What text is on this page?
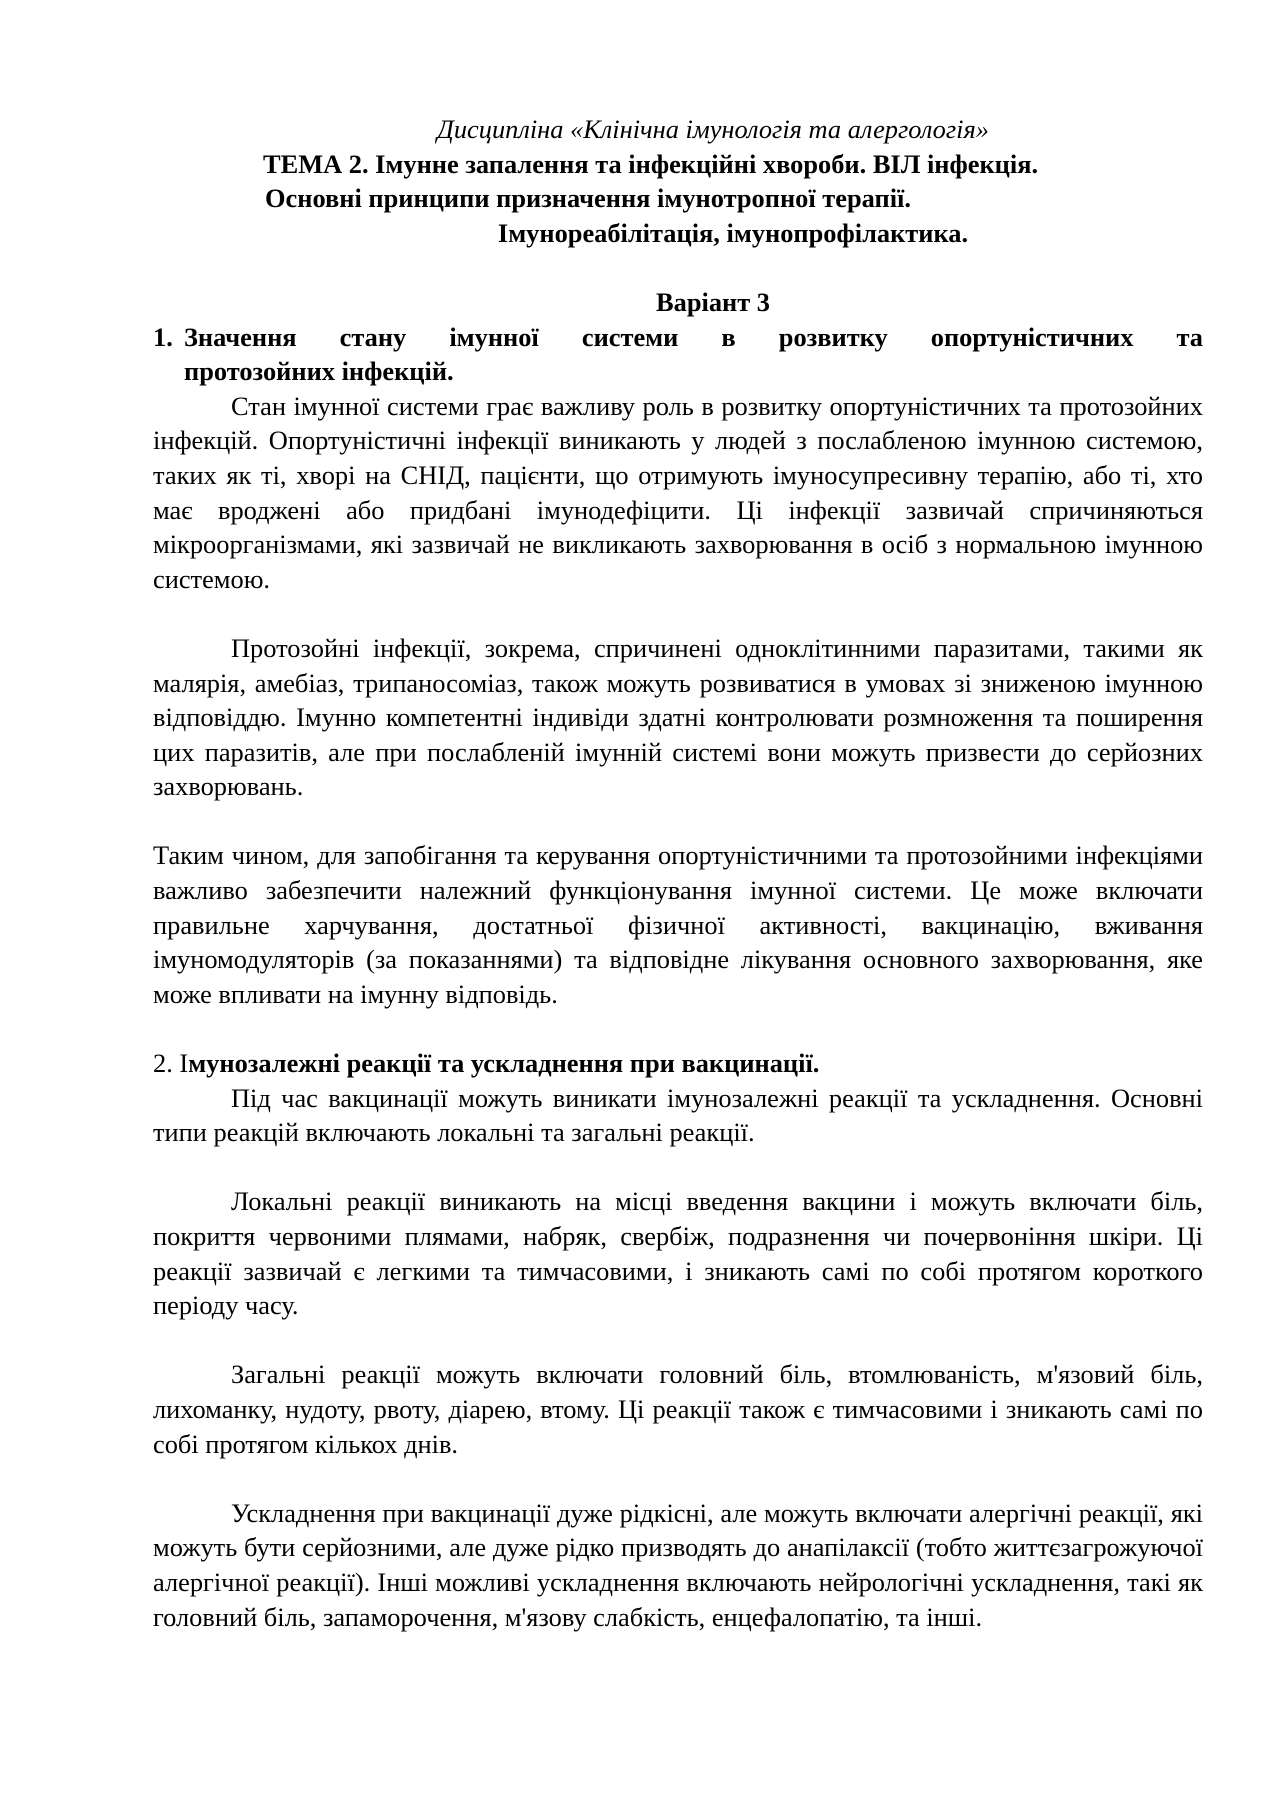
Дисципліна «Клінічна імунологія та алергологія»
ТЕМА 2. Імунне запалення та інфекційні хвороби. ВІЛ інфекція.
Основні принципи призначення імунотропної терапії.
Імунореабілітація, імунопрофілактика.
Варіант 3
1. Значення стану імунної системи в розвитку опортуністичних та
протозойних інфекцій.

Стан імунної системи грає важливу роль в розвитку опортуністичних та протозойних інфекцій. Опортуністичні інфекції виникають у людей з послабленою імунною системою, таких як ті, хворі на СНІД, пацієнти, що отримують імуносупресивну терапію, або ті, хто має вроджені або придбані імунодефіцити. Ці інфекції зазвичай спричиняються мікроорганізмами, які зазвичай не викликають захворювання в осіб з нормальною імунною системою.

Протозойні інфекції, зокрема, спричинені одноклітинними паразитами, такими як малярія, амебіаз, трипаносоміаз, також можуть розвиватися в умовах зі зниженою імунною відповіддю. Імунно компетентні індивіди здатні контролювати розмноження та поширення цих паразитів, але при послабленій імунній системі вони можуть призвести до серйозних захворювань.

Таким чином, для запобігання та керування опортуністичними та протозойними інфекціями важливо забезпечити належний функціонування імунної системи. Це може включати правильне харчування, достатньої фізичної активності, вакцинацію, вживання імуномодуляторів (за показаннями) та відповідне лікування основного захворювання, яке може впливати на імунну відповідь.

2. Імунозалежні реакції та ускладнення при вакцинації.

Під час вакцинації можуть виникати імунозалежні реакції та ускладнення. Основні типи реакцій включають локальні та загальні реакції.

Локальні реакції виникають на місці введення вакцини і можуть включати біль, покриття червоними плямами, набряк, свербіж, подразнення чи почервоніння шкіри. Ці реакції зазвичай є легкими та тимчасовими, і зникають самі по собі протягом короткого періоду часу.

Загальні реакції можуть включати головний біль, втомлюваність, м'язовий біль, лихоманку, нудоту, рвоту, діарею, втому. Ці реакції також є тимчасовими і зникають самі по собі протягом кількох днів.

Ускладнення при вакцинації дуже рідкісні, але можуть включати алергічні реакції, які можуть бути серйозними, але дуже рідко призводять до анапілаксії (тобто життєзагрожуючої алергічної реакції). Інші можливі ускладнення включають нейрологічні ускладнення, такі як головний біль, запаморочення, м'язову слабкість, енцефалопатію, та інші.
